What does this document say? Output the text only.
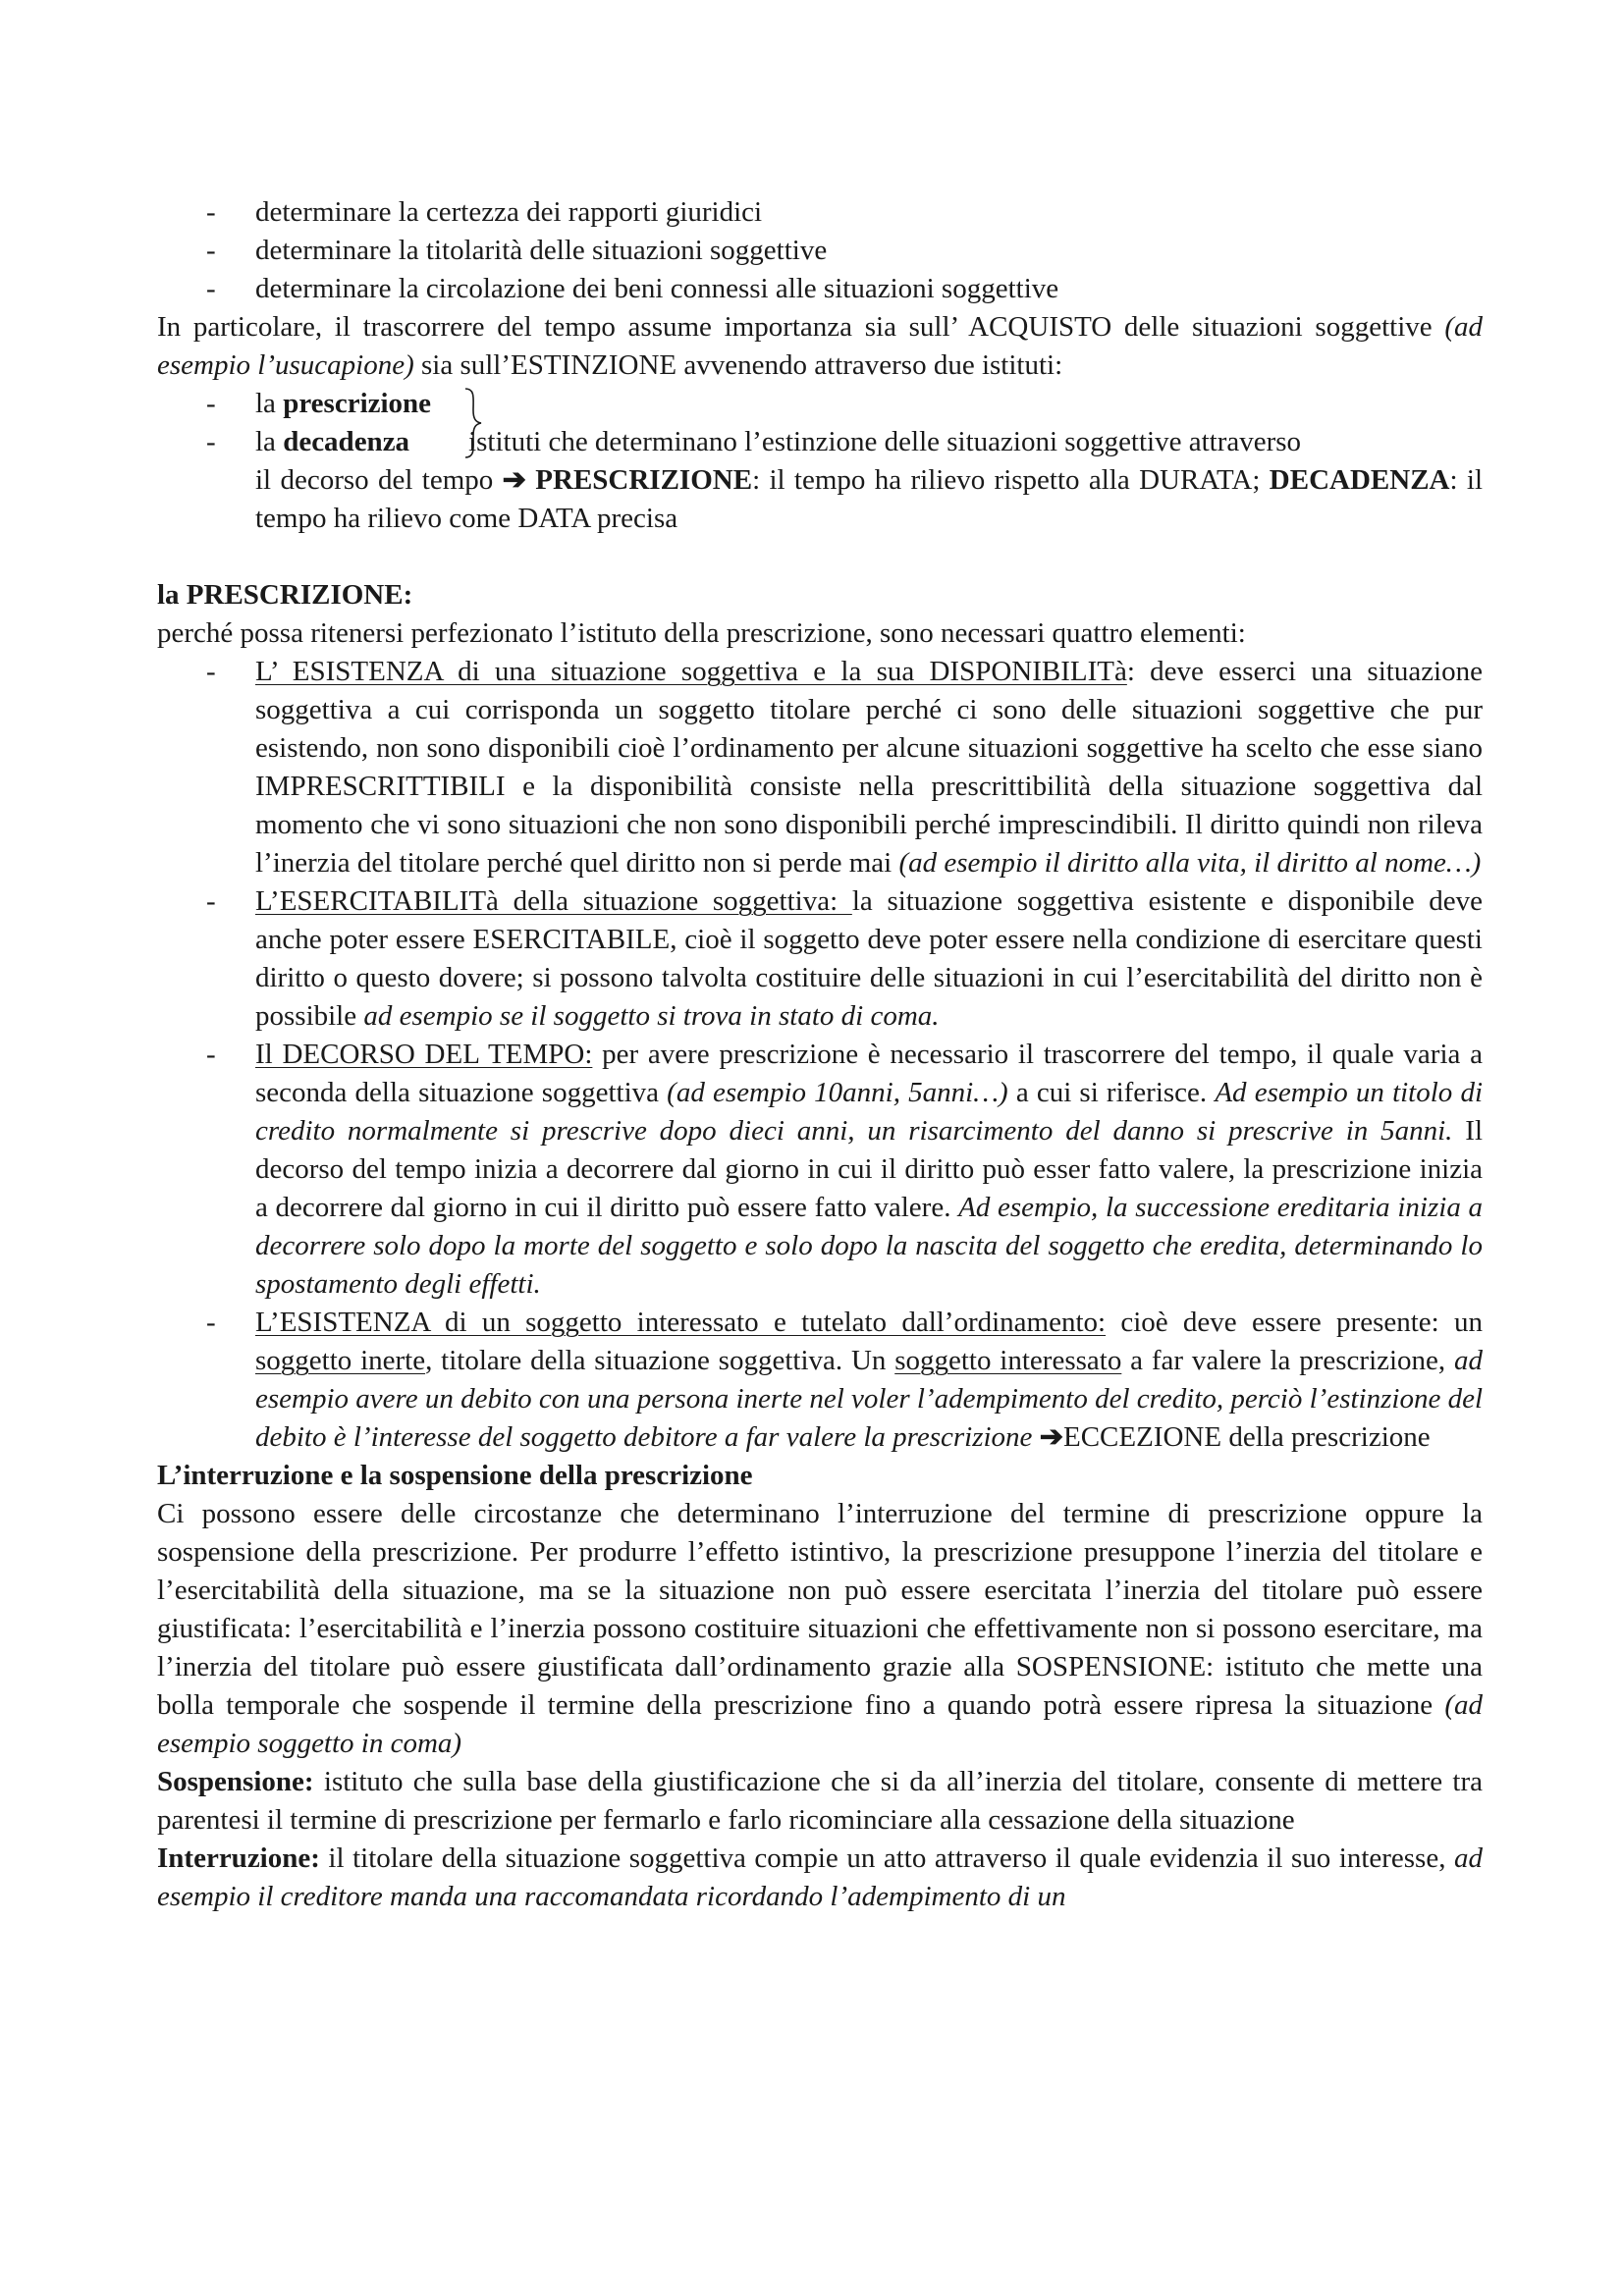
- determinare la certezza dei rapporti giuridici
- determinare la titolarità delle situazioni soggettive
- determinare la circolazione dei beni connessi alle situazioni soggettive

In particolare, il trascorrere del tempo assume importanza sia sull’ ACQUISTO delle situazioni soggettive (ad esempio l’usucapione) sia sull’ESTINZIONE avvenendo attraverso due istituti:

- la prescrizione
- la decadenza istituti che determinano l’estinzione delle situazioni soggettive attraverso
il decorso del tempo ➔ PRESCRIZIONE: il tempo ha rilievo rispetto alla DURATA; DECADENZA: il tempo ha rilievo come DATA precisa

la PRESCRIZIONE:

perché possa ritenersi perfezionato l’istituto della prescrizione, sono necessari quattro elementi:

- L’ ESISTENZA di una situazione soggettiva e la sua DISPONIBILITà: deve esserci una situazione soggettiva a cui corrisponda un soggetto titolare perché ci sono delle situazioni soggettive che pur esistendo, non sono disponibili cioè l’ordinamento per alcune situazioni soggettive ha scelto che esse siano IMPRESCRITTIBILI e la disponibilità consiste nella prescrittibilità della situazione soggettiva dal momento che vi sono situazioni che non sono disponibili perché imprescindibili. Il diritto quindi non rileva l’inerzia del titolare perché quel diritto non si perde mai (ad esempio il diritto alla vita, il diritto al nome…)
- L’ESERCITABILITà della situazione soggettiva: la situazione soggettiva esistente e disponibile deve anche poter essere ESERCITABILE, cioè il soggetto deve poter essere nella condizione di esercitare questi diritto o questo dovere; si possono talvolta costituire delle situazioni in cui l’esercitabilità del diritto non è possibile ad esempio se il soggetto si trova in stato di coma.
- Il DECORSO DEL TEMPO: per avere prescrizione è necessario il trascorrere del tempo, il quale varia a seconda della situazione soggettiva (ad esempio 10anni, 5anni…) a cui si riferisce. Ad esempio un titolo di credito normalmente si prescrive dopo dieci anni, un risarcimento del danno si prescrive in 5anni. Il decorso del tempo inizia a decorrere dal giorno in cui il diritto può esser fatto valere, la prescrizione inizia a decorrere dal giorno in cui il diritto può essere fatto valere. Ad esempio, la successione ereditaria inizia a decorrere solo dopo la morte del soggetto e solo dopo la nascita del soggetto che eredita, determinando lo spostamento degli effetti.
- L’ESISTENZA di un soggetto interessato e tutelato dall’ordinamento: cioè deve essere presente: un soggetto inerte, titolare della situazione soggettiva. Un soggetto interessato a far valere la prescrizione, ad esempio avere un debito con una persona inerte nel voler l’adempimento del credito, perciò l’estinzione del debito è l’interesse del soggetto debitore a far valere la prescrizione ➔ECCEZIONE della prescrizione

L’interruzione e la sospensione della prescrizione

Ci possono essere delle circostanze che determinano l’interruzione del termine di prescrizione oppure la sospensione della prescrizione. Per produrre l’effetto istintivo, la prescrizione presuppone l’inerzia del titolare e l’esercitabilità della situazione, ma se la situazione non può essere esercitata l’inerzia del titolare può essere giustificata: l’esercitabilità e l’inerzia possono costituire situazioni che effettivamente non si possono esercitare, ma l’inerzia del titolare può essere giustificata dall’ordinamento grazie alla SOSPENSIONE: istituto che mette una bolla temporale che sospende il termine della prescrizione fino a quando potrà essere ripresa la situazione (ad esempio soggetto in coma)

Sospensione: istituto che sulla base della giustificazione che si da all’inerzia del titolare, consente di mettere tra parentesi il termine di prescrizione per fermarlo e farlo ricominciare alla cessazione della situazione

Interruzione: il titolare della situazione soggettiva compie un atto attraverso il quale evidenzia il suo interesse, ad esempio il creditore manda una raccomandata ricordando l’adempimento di un
